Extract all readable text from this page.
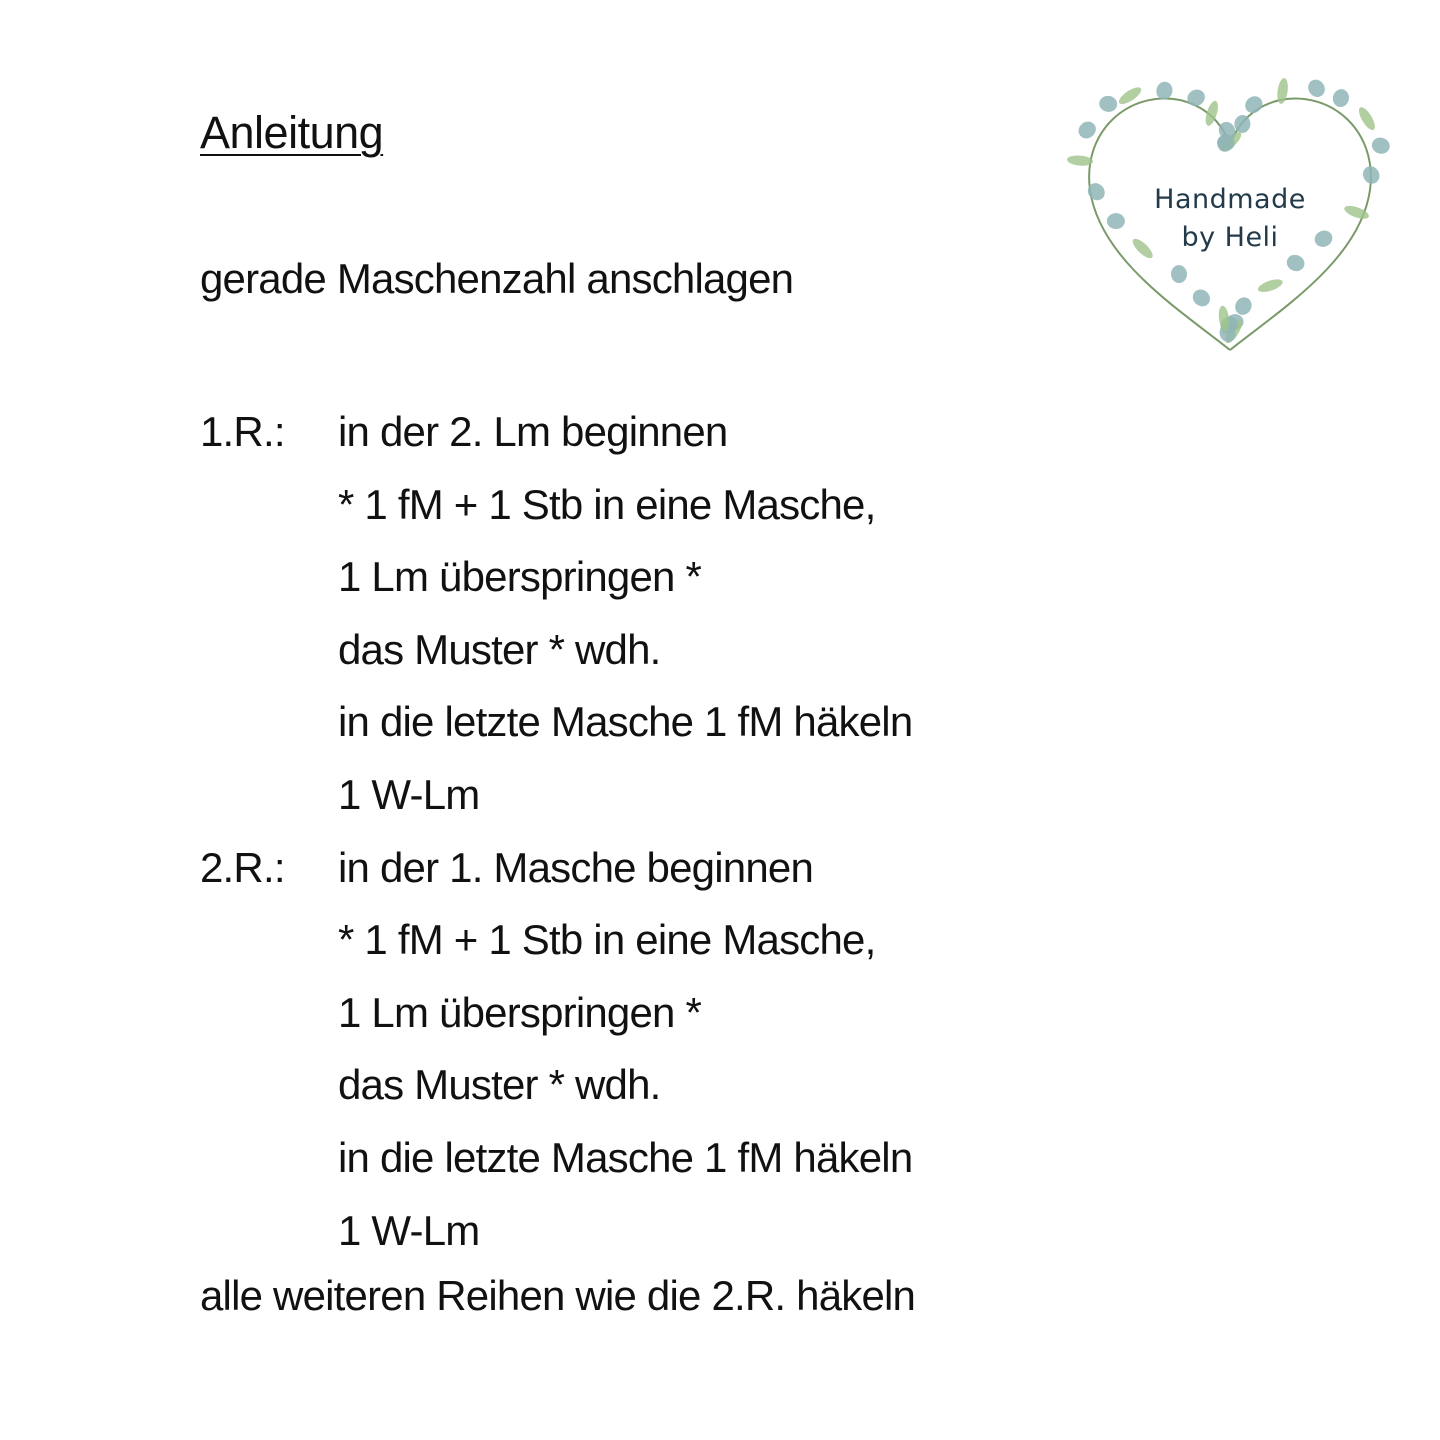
Anleitung
gerade Maschenzahl anschlagen
1.R.:	in der 2. Lm beginnen
* 1 fM + 1 Stb in eine Masche,
1 Lm überspringen *
das Muster * wdh.
in die letzte Masche 1 fM häkeln
1 W-Lm
2.R.:	in der 1. Masche beginnen
* 1 fM + 1 Stb in eine Masche,
1 Lm überspringen *
das Muster * wdh.
in die letzte Masche 1 fM häkeln
1 W-Lm
alle weiteren Reihen wie die 2.R. häkeln
Handmade
by Heli
